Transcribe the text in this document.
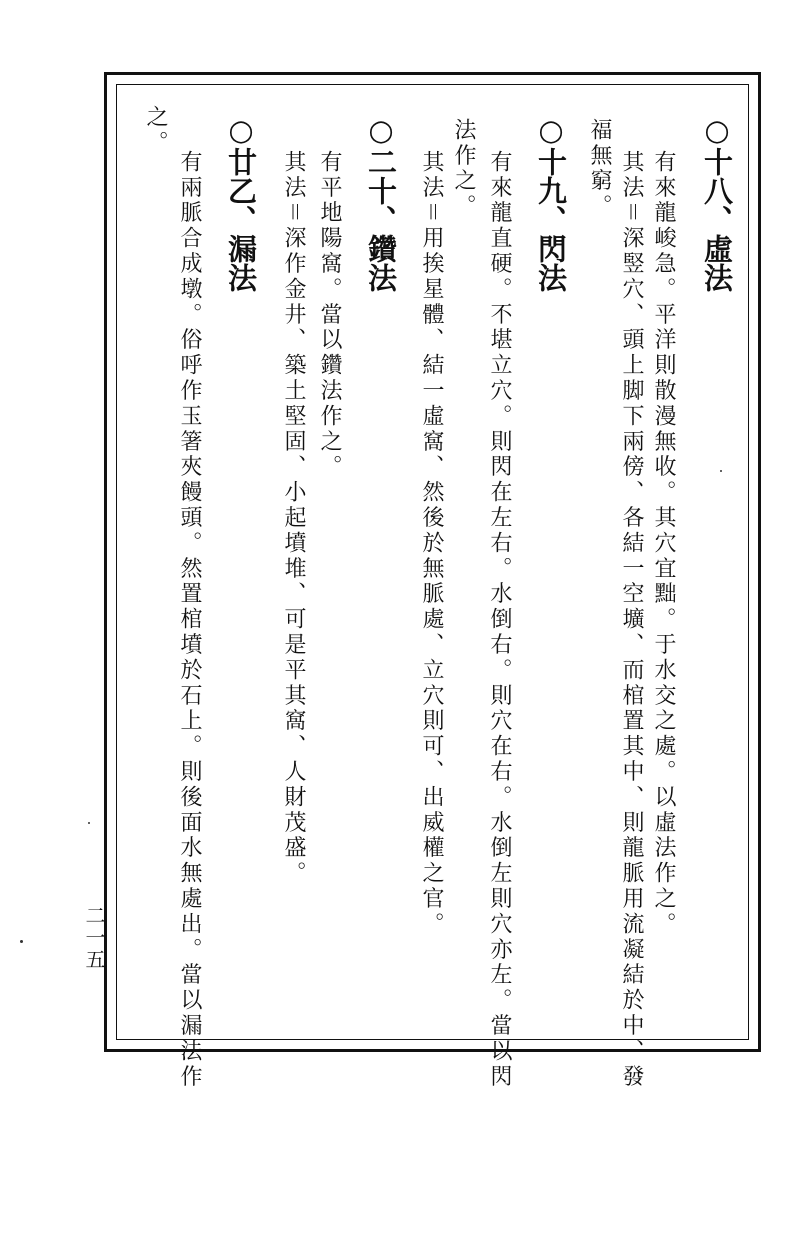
○十八、虛法
有來龍峻急。平洋則散漫無收。其穴宜黜。于水交之處。以虛法作之。
其法＝深竪穴、頭上脚下兩傍、各結一空壙、而棺置其中、則龍脈用流凝結於中、發
福無窮。
○十九、閃法
有來龍直硬。不堪立穴。則閃在左右。水倒右。則穴在右。水倒左則穴亦左。當以閃
法作之。
其法＝用挨星體、結一虛窩、然後於無脈處、立穴則可、出威權之官。
○二十、鑽法
有平地陽窩。當以鑽法作之。
其法＝深作金井、築土堅固、小起墳堆、可是平其窩、人財茂盛。
○廿乙、漏法
有兩脈合成墩。俗呼作玉箸夾饅頭。然置棺墳於石上。則後面水無處出。當以漏法作
之。
二一五
